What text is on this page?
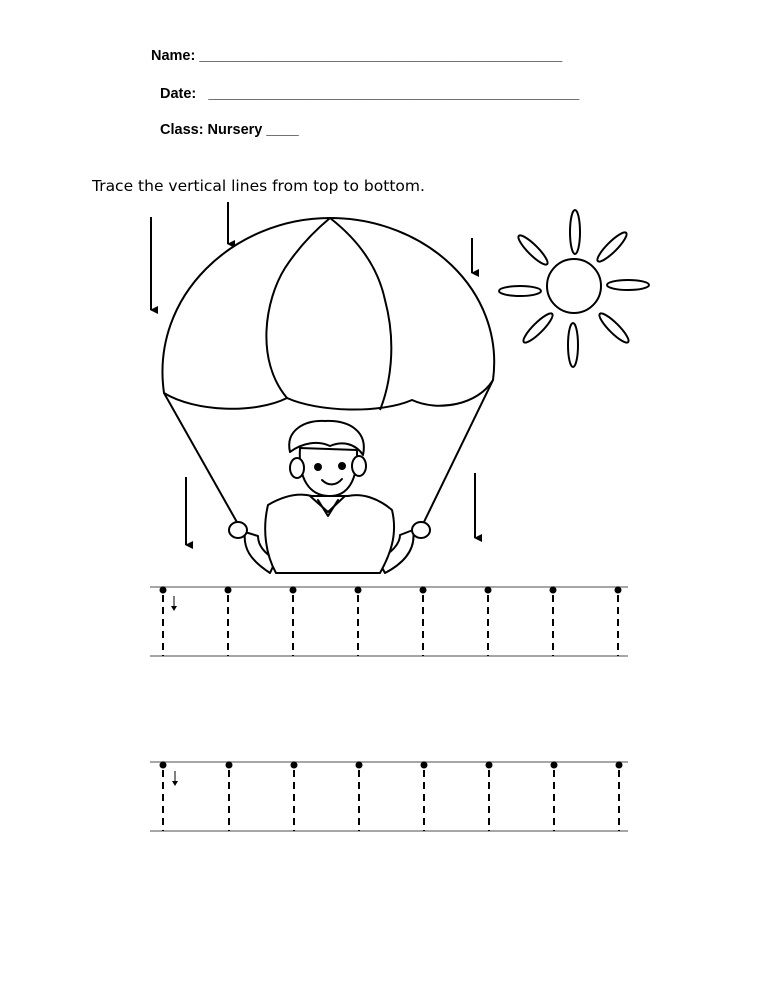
Name: _____________________________________________
Date:   ______________________________________________
Class: Nursery ____
Trace the vertical lines from top to bottom.
